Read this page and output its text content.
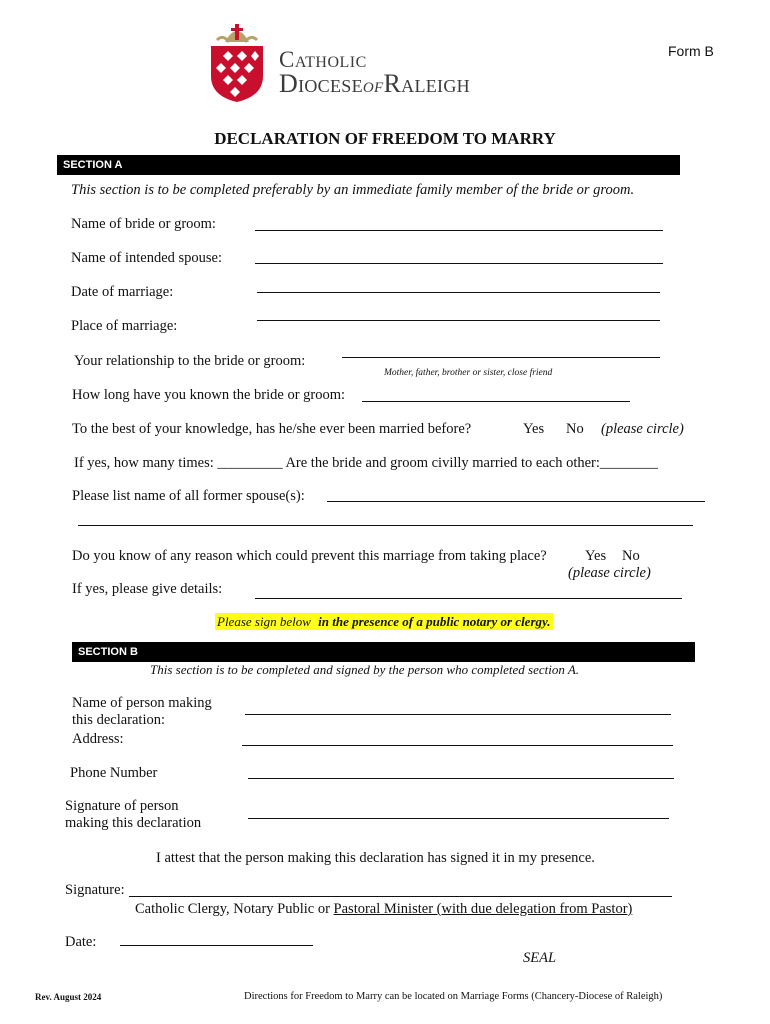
Catholic
DioceseofRaleigh
Form B
DECLARATION OF FREEDOM TO MARRY
SECTION A
This section is to be completed preferably by an immediate family member of the bride or groom.
Name of bride or groom:
Name of intended spouse:
Date of marriage:
Place of marriage:
Your relationship to the bride or groom:
Mother, father, brother or sister, close friend
How long have you known the bride or groom:
To the best of your knowledge, has he/she ever been married before?	Yes No (please circle)
If yes, how many times: _________ Are the bride and groom civilly married to each other:________
Please list name of all former spouse(s):
Do you know of any reason which could prevent this marriage from taking place?	Yes No
(please circle)
If yes, please give details:
Please sign below in the presence of a public notary or clergy.
SECTION B
This section is to be completed and signed by the person who completed section A.
Name of person making
this declaration:
Address:
Phone Number
Signature of person
making this declaration
I attest that the person making this declaration has signed it in my presence.
Signature:
Catholic Clergy, Notary Public or Pastoral Minister (with due delegation from Pastor)
Date:
SEAL
Rev. August 2024	Directions for Freedom to Marry can be located on Marriage Forms (Chancery-Diocese of Raleigh)
